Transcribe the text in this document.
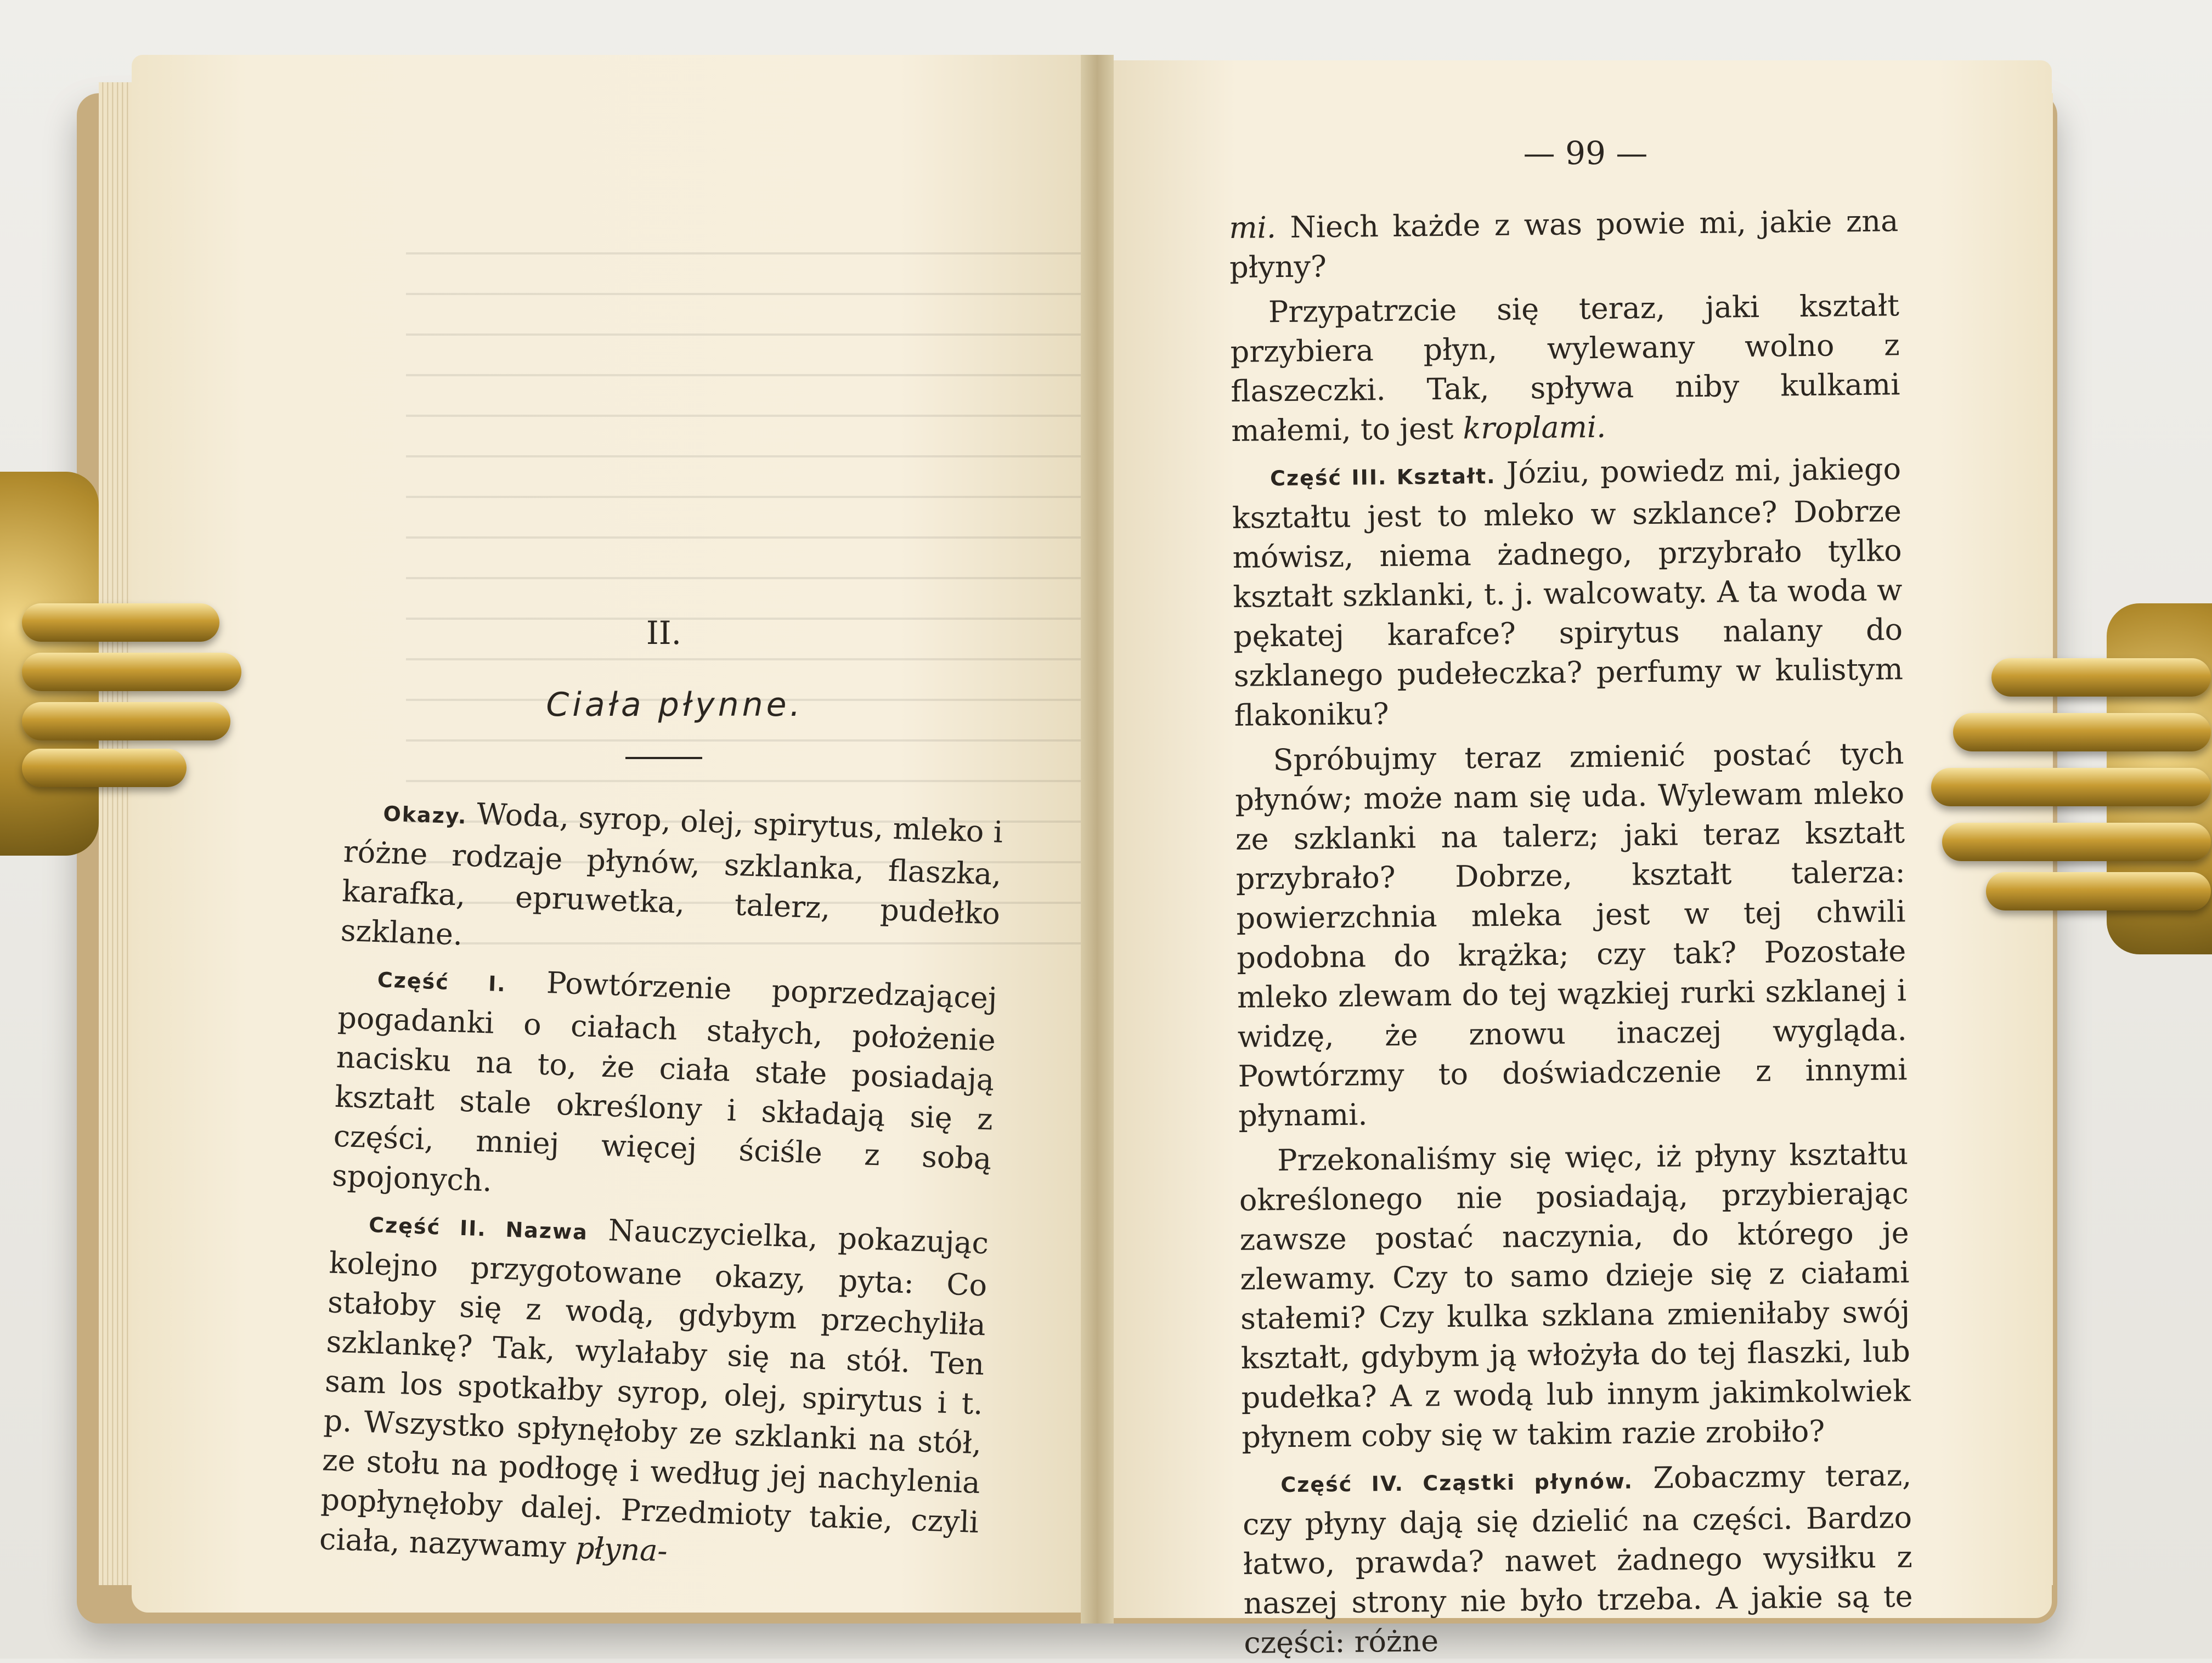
II.
Ciała płynne.

Okazy. Woda, syrop, olej, spirytus, mleko i różne rodzaje płynów, szklanka, flaszka, karafka, epruwetka, talerz, pudełko szklane.

Część I. Powtórzenie poprzedzającej pogadanki o ciałach stałych, położenie nacisku na to, że ciała stałe posiadają kształt stale określony i składają się z części, mniej więcej ściśle z sobą spojonych.

Część II. Nazwa Nauczycielka, pokazując kolejno przygotowane okazy, pyta: Co stałoby się z wodą, gdybym przechyliła szklankę? Tak, wylałaby się na stół. Ten sam los spotkałby syrop, olej, spirytus i t. p. Wszystko spłynęłoby ze szklanki na stół, ze stołu na podłogę i według jej nachylenia popłynęłoby dalej. Przedmioty takie, czyli ciała, nazywamy płyna-

— 99 —

mi. Niech każde z was powie mi, jakie zna płyny?

Przypatrzcie się teraz, jaki kształt przybiera płyn, wylewany wolno z flaszeczki. Tak, spływa niby kulkami małemi, to jest kroplami.

Część III. Kształt. Józiu, powiedz mi, jakiego kształtu jest to mleko w szklance? Dobrze mówisz, niema żadnego, przybrało tylko kształt szklanki, t. j. walcowaty. A ta woda w pękatej karafce? spirytus nalany do szklanego pudełeczka? perfumy w kulistym flakoniku?

Spróbujmy teraz zmienić postać tych płynów; może nam się uda. Wylewam mleko ze szklanki na talerz; jaki teraz kształt przybrało? Dobrze, kształt talerza: powierzchnia mleka jest w tej chwili podobna do krążka; czy tak? Pozostałe mleko zlewam do tej wązkiej rurki szklanej i widzę, że znowu inaczej wygląda. Powtórzmy to doświadczenie z innymi płynami.

Przekonaliśmy się więc, iż płyny kształtu określonego nie posiadają, przybierając zawsze postać naczynia, do którego je zlewamy. Czy to samo dzieje się z ciałami stałemi? Czy kulka szklana zmieniłaby swój kształt, gdybym ją włożyła do tej flaszki, lub pudełka? A z wodą lub innym jakimkolwiek płynem coby się w takim razie zrobiło?

Część IV. Cząstki płynów. Zobaczmy teraz, czy płyny dają się dzielić na części. Bardzo łatwo, prawda? nawet żadnego wysiłku z naszej strony nie było trzeba. A jakie są te części: różne
